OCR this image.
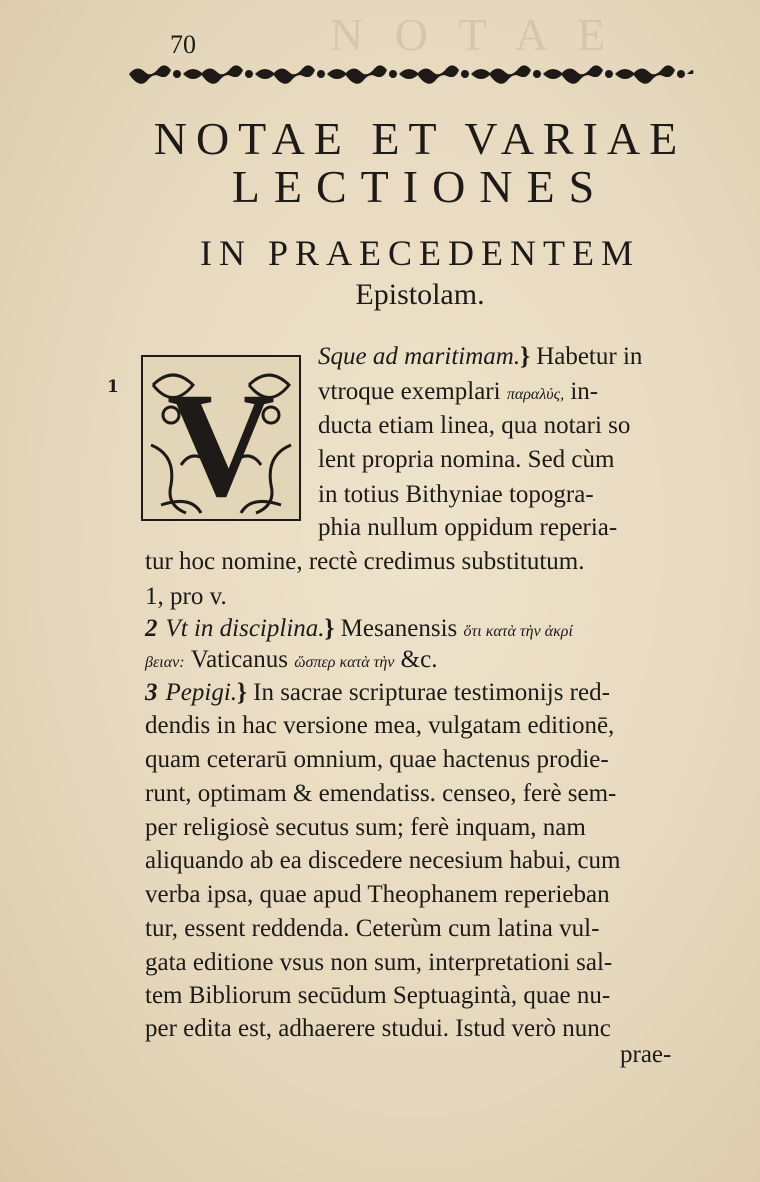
N O T A E
70
NOTAE ET VARIAE
LECTIONES
IN PRAECEDENTEM
Epistolam.
1 V
Sque ad maritimam.} Habetur in
vtroque exemplari παραλύς, in-
ducta etiam linea, qua notari so
lent propria nomina. Sed cùm
in totius Bithyniae topogra-
phia nullum oppidum reperia-
tur hoc nomine, rectè credimus substitutum.
1, pro v.
2 Vt in disciplina.} Mesanensis ὅτι κατὰ τὴν ἀκρί
βειαν: Vaticanus ὥσπερ κατὰ τὴν &c.
3 Pepigi.} In sacrae scripturae testimonijs red-
dendis in hac versione mea, vulgatam editionē,
quam ceterarū omnium, quae hactenus prodie-
runt, optimam & emendatiss. censeo, ferè sem-
per religiosè secutus sum; ferè inquam, nam
aliquando ab ea discedere necesium habui, cum
verba ipsa, quae apud Theophanem reperieban
tur, essent reddenda. Ceterùm cum latina vul-
gata editione vsus non sum, interpretationi sal-
tem Bibliorum secūdum Septuagintà, quae nu-
per edita est, adhaerere studui. Istud verò nunc
prae-
